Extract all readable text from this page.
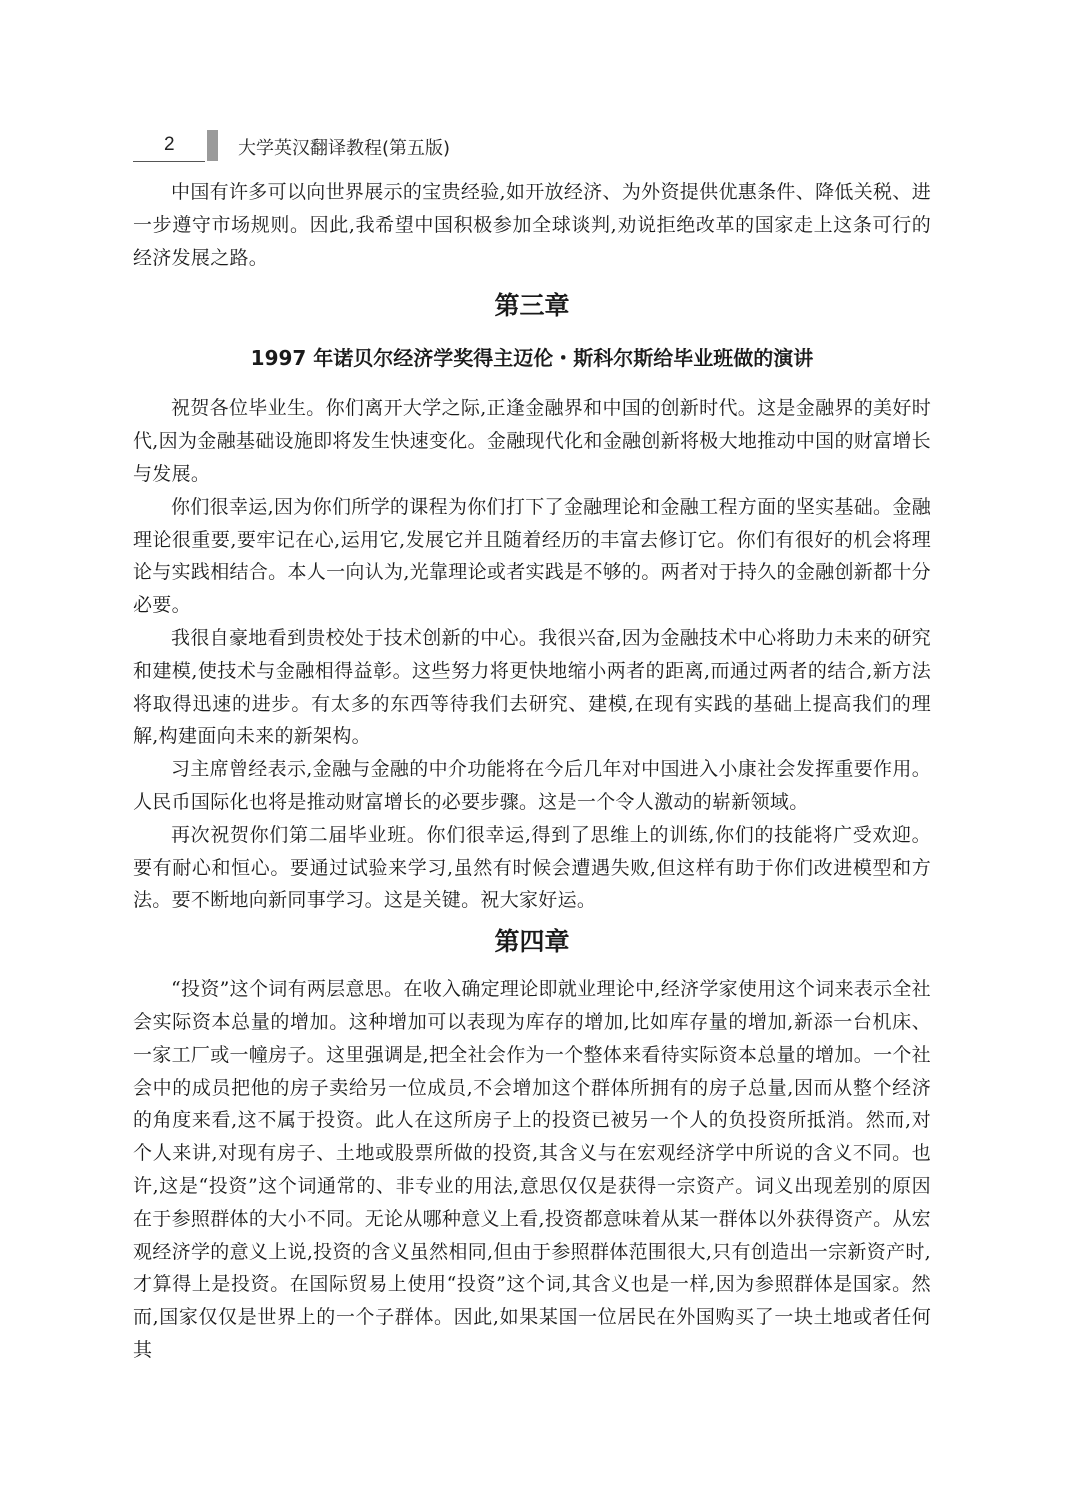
2	大学英汉翻译教程(第五版)

中国有许多可以向世界展示的宝贵经验,如开放经济、为外资提供优惠条件、降低关税、进一步遵守市场规则。因此,我希望中国积极参加全球谈判,劝说拒绝改革的国家走上这条可行的经济发展之路。

第三章
1997 年诺贝尔经济学奖得主迈伦・斯科尔斯给毕业班做的演讲

祝贺各位毕业生。你们离开大学之际,正逢金融界和中国的创新时代。这是金融界的美好时代,因为金融基础设施即将发生快速变化。金融现代化和金融创新将极大地推动中国的财富增长与发展。

你们很幸运,因为你们所学的课程为你们打下了金融理论和金融工程方面的坚实基础。金融理论很重要,要牢记在心,运用它,发展它并且随着经历的丰富去修订它。你们有很好的机会将理论与实践相结合。本人一向认为,光靠理论或者实践是不够的。两者对于持久的金融创新都十分必要。

我很自豪地看到贵校处于技术创新的中心。我很兴奋,因为金融技术中心将助力未来的研究和建模,使技术与金融相得益彰。这些努力将更快地缩小两者的距离,而通过两者的结合,新方法将取得迅速的进步。有太多的东西等待我们去研究、建模,在现有实践的基础上提高我们的理解,构建面向未来的新架构。

习主席曾经表示,金融与金融的中介功能将在今后几年对中国进入小康社会发挥重要作用。人民币国际化也将是推动财富增长的必要步骤。这是一个令人激动的崭新领域。

再次祝贺你们第二届毕业班。你们很幸运,得到了思维上的训练,你们的技能将广受欢迎。要有耐心和恒心。要通过试验来学习,虽然有时候会遭遇失败,但这样有助于你们改进模型和方法。要不断地向新同事学习。这是关键。祝大家好运。

第四章

“投资”这个词有两层意思。在收入确定理论即就业理论中,经济学家使用这个词来表示全社会实际资本总量的增加。这种增加可以表现为库存的增加,比如库存量的增加,新添一台机床、一家工厂或一幢房子。这里强调是,把全社会作为一个整体来看待实际资本总量的增加。一个社会中的成员把他的房子卖给另一位成员,不会增加这个群体所拥有的房子总量,因而从整个经济的角度来看,这不属于投资。此人在这所房子上的投资已被另一个人的负投资所抵消。然而,对个人来讲,对现有房子、土地或股票所做的投资,其含义与在宏观经济学中所说的含义不同。也许,这是“投资”这个词通常的、非专业的用法,意思仅仅是获得一宗资产。词义出现差别的原因在于参照群体的大小不同。无论从哪种意义上看,投资都意味着从某一群体以外获得资产。从宏观经济学的意义上说,投资的含义虽然相同,但由于参照群体范围很大,只有创造出一宗新资产时,才算得上是投资。在国际贸易上使用“投资”这个词,其含义也是一样,因为参照群体是国家。然而,国家仅仅是世界上的一个子群体。因此,如果某国一位居民在外国购买了一块土地或者任何其
